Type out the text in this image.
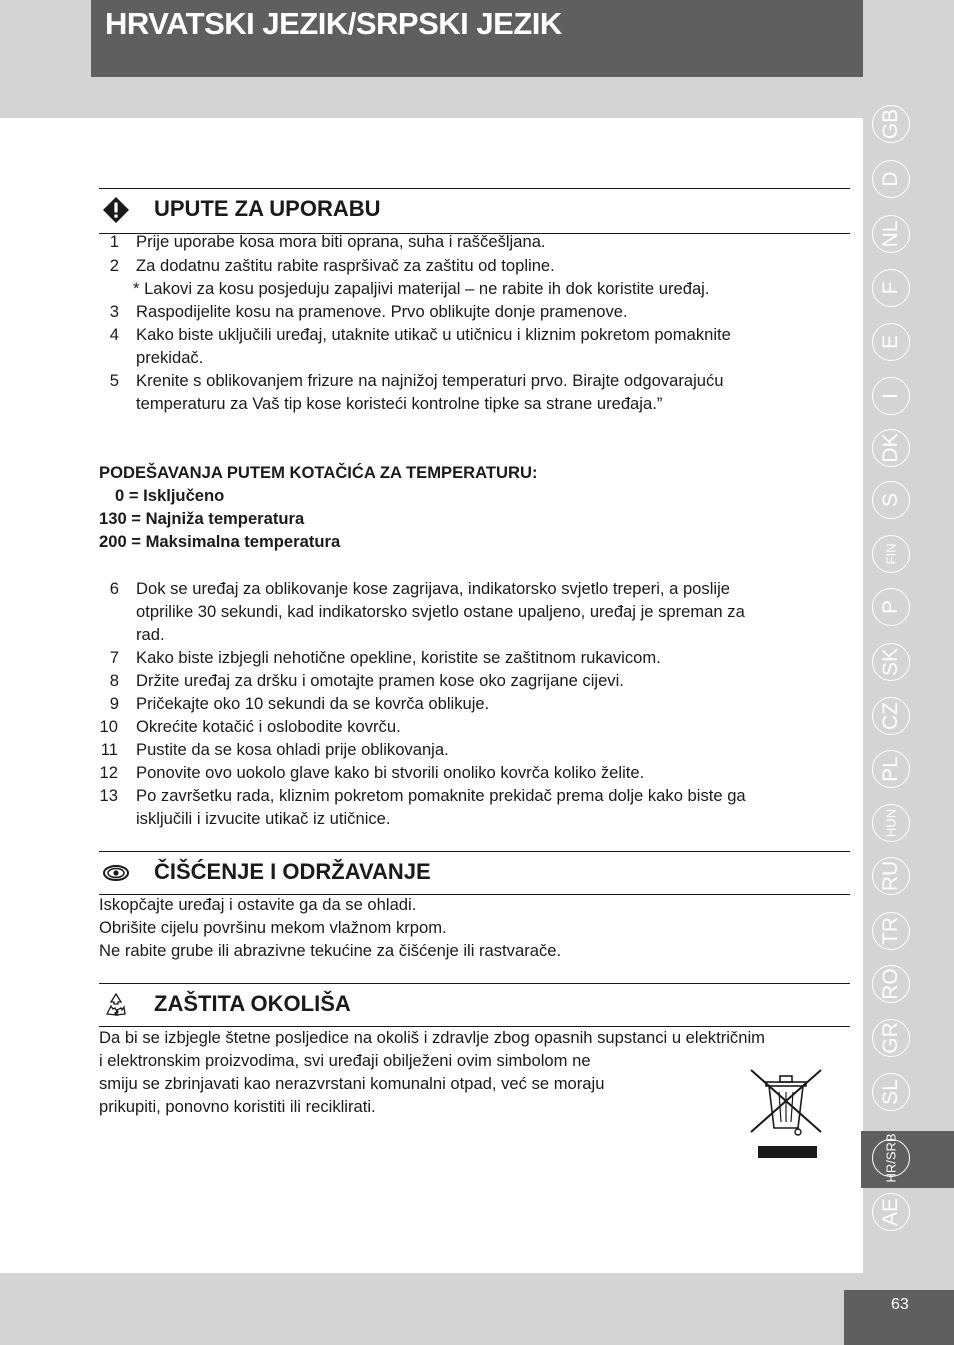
HRVATSKI JEZIK/SRPSKI JEZIK
GB
D
NL
F
E
I
DK
S
FIN
P
SK
CZ
PL
HUN
RU
TR
RO
GR
SL
HR/SRB
AE
UPUTE ZA UPORABU
1 Prije uporabe kosa mora biti oprana, suha i raščešljana.
2 Za dodatnu zaštitu rabite raspršivač za zaštitu od topline.
* Lakovi za kosu posjeduju zapaljivi materijal – ne rabite ih dok koristite uređaj.
3 Raspodijelite kosu na pramenove. Prvo oblikujte donje pramenove.
4 Kako biste uključili uređaj, utaknite utikač u utičnicu i kliznim pokretom pomaknite
prekidač.
5 Krenite s oblikovanjem frizure na najnižoj temperaturi prvo. Birajte odgovarajuću
temperaturu za Vaš tip kose koristeći kontrolne tipke sa strane uređaja.”
PODEŠAVANJA PUTEM KOTAČIĆA ZA TEMPERATURU:
0 = Isključeno
130 = Najniža temperatura
200 = Maksimalna temperatura
6 Dok se uređaj za oblikovanje kose zagrijava, indikatorsko svjetlo treperi, a poslije
otprilike 30 sekundi, kad indikatorsko svjetlo ostane upaljeno, uređaj je spreman za
rad.
7 Kako biste izbjegli nehotične opekline, koristite se zaštitnom rukavicom.
8 Držite uređaj za dršku i omotajte pramen kose oko zagrijane cijevi.
9 Pričekajte oko 10 sekundi da se kovrča oblikuje.
10 Okrećite kotačić i oslobodite kovrču.
11 Pustite da se kosa ohladi prije oblikovanja.
12 Ponovite ovo uokolo glave kako bi stvorili onoliko kovrča koliko želite.
13 Po završetku rada, kliznim pokretom pomaknite prekidač prema dolje kako biste ga
isključili i izvucite utikač iz utičnice.
ČIŠĆENJE I ODRŽAVANJE
Iskopčajte uređaj i ostavite ga da se ohladi.
Obrišite cijelu površinu mekom vlažnom krpom.
Ne rabite grube ili abrazivne tekućine za čišćenje ili rastvarače.
ZAŠTITA OKOLIŠA
Da bi se izbjegle štetne posljedice na okoliš i zdravlje zbog opasnih supstanci u električnim
i elektronskim proizvodima, svi uređaji obilježeni ovim simbolom ne
smiju se zbrinjavati kao nerazvrstani komunalni otpad, već se moraju
prikupiti, ponovno koristiti ili reciklirati.
63
